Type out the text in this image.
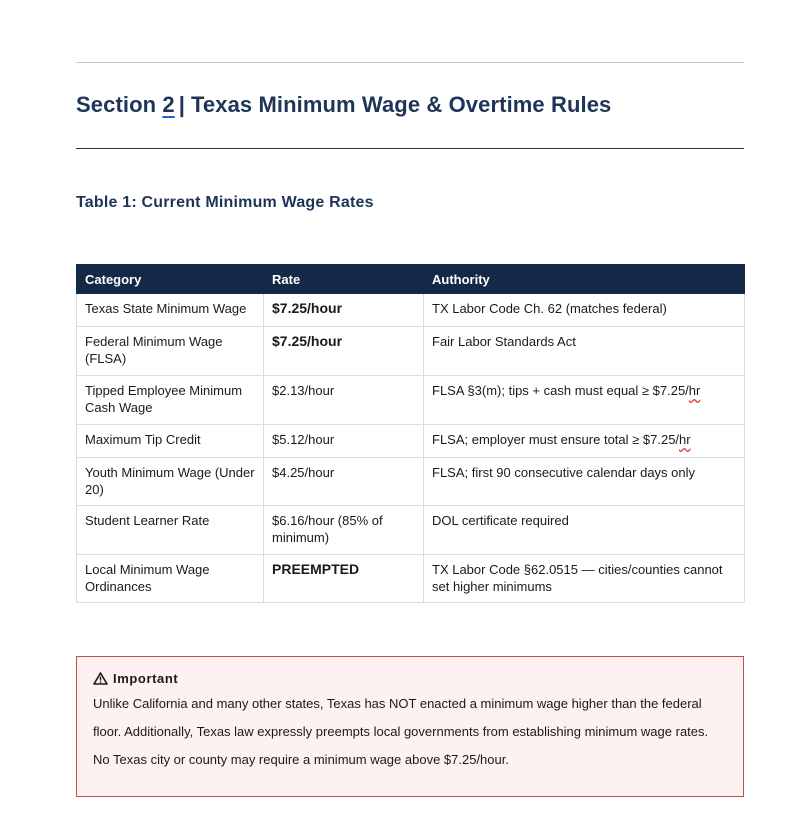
Section 2 | Texas Minimum Wage & Overtime Rules
Table 1: Current Minimum Wage Rates
Category	Rate	Authority
Texas State Minimum Wage	$7.25/hour	TX Labor Code Ch. 62 (matches federal)
Federal Minimum Wage (FLSA)	$7.25/hour	Fair Labor Standards Act
Tipped Employee Minimum Cash Wage	$2.13/hour	FLSA §3(m); tips + cash must equal ≥ $7.25/hr
Maximum Tip Credit	$5.12/hour	FLSA; employer must ensure total ≥ $7.25/hr
Youth Minimum Wage (Under 20)	$4.25/hour	FLSA; first 90 consecutive calendar days only
Student Learner Rate	$6.16/hour (85% of minimum)	DOL certificate required
Local Minimum Wage Ordinances	PREEMPTED	TX Labor Code §62.0515 — cities/counties cannot set higher minimums
Important

Unlike California and many other states, Texas has NOT enacted a minimum wage higher than the federal

floor. Additionally, Texas law expressly preempts local governments from establishing minimum wage rates.

No Texas city or county may require a minimum wage above $7.25/hour.
